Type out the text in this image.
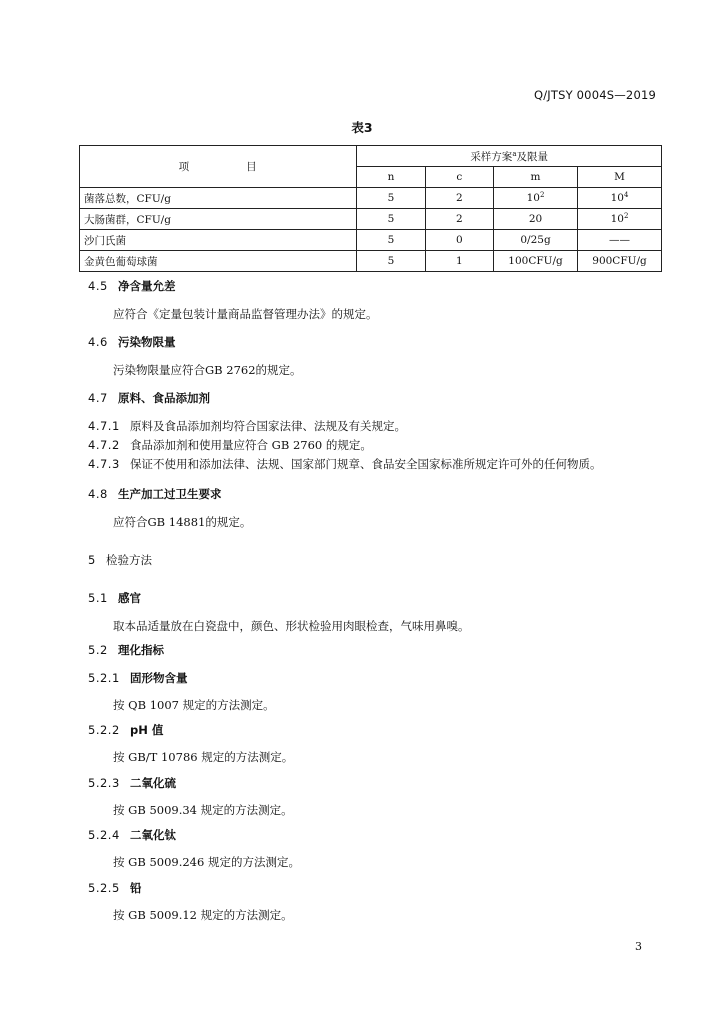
Q/JTSY 0004S—2019
表3
项 目	采样方案$^a$及限量			
	n	c	m	M
菌落总数，CFU/g	5	2	$10^2$	$10^4$
大肠菌群，CFU/g	5	2	20	$10^2$
沙门氏菌	5	0	0/25g	——
金黄色葡萄球菌	5	1	100CFU/g	900CFU/g
4.5 净含量允差
应符合《定量包装计量商品监督管理办法》的规定。
4.6 污染物限量
污染物限量应符合GB 2762的规定。
4.7 原料、食品添加剂
4.7.1 原料及食品添加剂均符合国家法律、法规及有关规定。
4.7.2 食品添加剂和使用量应符合 GB 2760 的规定。
4.7.3 保证不使用和添加法律、法规、国家部门规章、食品安全国家标准所规定许可外的任何物质。
4.8 生产加工过卫生要求
应符合GB 14881的规定。
5 检验方法
5.1 感官
取本品适量放在白瓷盘中，颜色、形状检验用肉眼检查，气味用鼻嗅。
5.2 理化指标
5.2.1 固形物含量
按 QB 1007 规定的方法测定。
5.2.2 pH 值
按 GB/T 10786 规定的方法测定。
5.2.3 二氧化硫
按 GB 5009.34 规定的方法测定。
5.2.4 二氧化钛
按 GB 5009.246 规定的方法测定。
5.2.5 铅
按 GB 5009.12 规定的方法测定。
3
